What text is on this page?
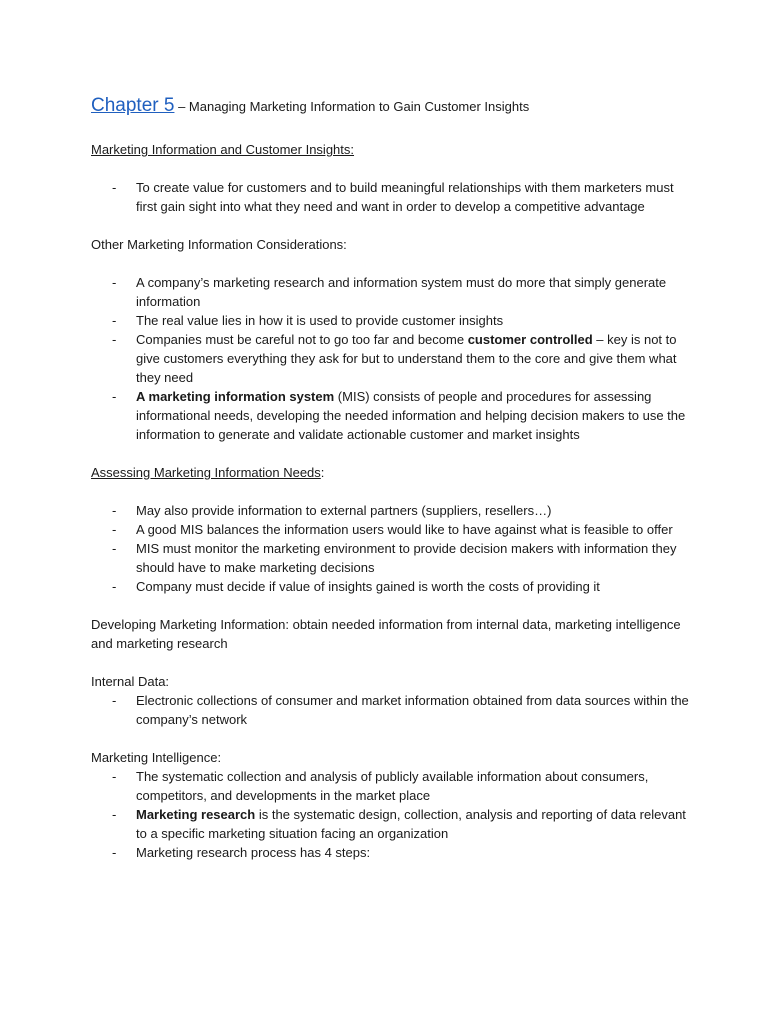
Chapter 5 – Managing Marketing Information to Gain Customer Insights
Marketing Information and Customer Insights:
- To create value for customers and to build meaningful relationships with them marketers must first gain sight into what they need and want in order to develop a competitive advantage
Other Marketing Information Considerations:
- A company’s marketing research and information system must do more that simply generate information
- The real value lies in how it is used to provide customer insights
- Companies must be careful not to go too far and become customer controlled – key is not to give customers everything they ask for but to understand them to the core and give them what they need
- A marketing information system (MIS) consists of people and procedures for assessing informational needs, developing the needed information and helping decision makers to use the information to generate and validate actionable customer and market insights
Assessing Marketing Information Needs:
- May also provide information to external partners (suppliers, resellers…)
- A good MIS balances the information users would like to have against what is feasible to offer
- MIS must monitor the marketing environment to provide decision makers with information they should have to make marketing decisions
- Company must decide if value of insights gained is worth the costs of providing it
Developing Marketing Information: obtain needed information from internal data, marketing intelligence and marketing research
Internal Data:
- Electronic collections of consumer and market information obtained from data sources within the company’s network
Marketing Intelligence:
- The systematic collection and analysis of publicly available information about consumers, competitors, and developments in the market place
- Marketing research is the systematic design, collection, analysis and reporting of data relevant to a specific marketing situation facing an organization
- Marketing research process has 4 steps:
